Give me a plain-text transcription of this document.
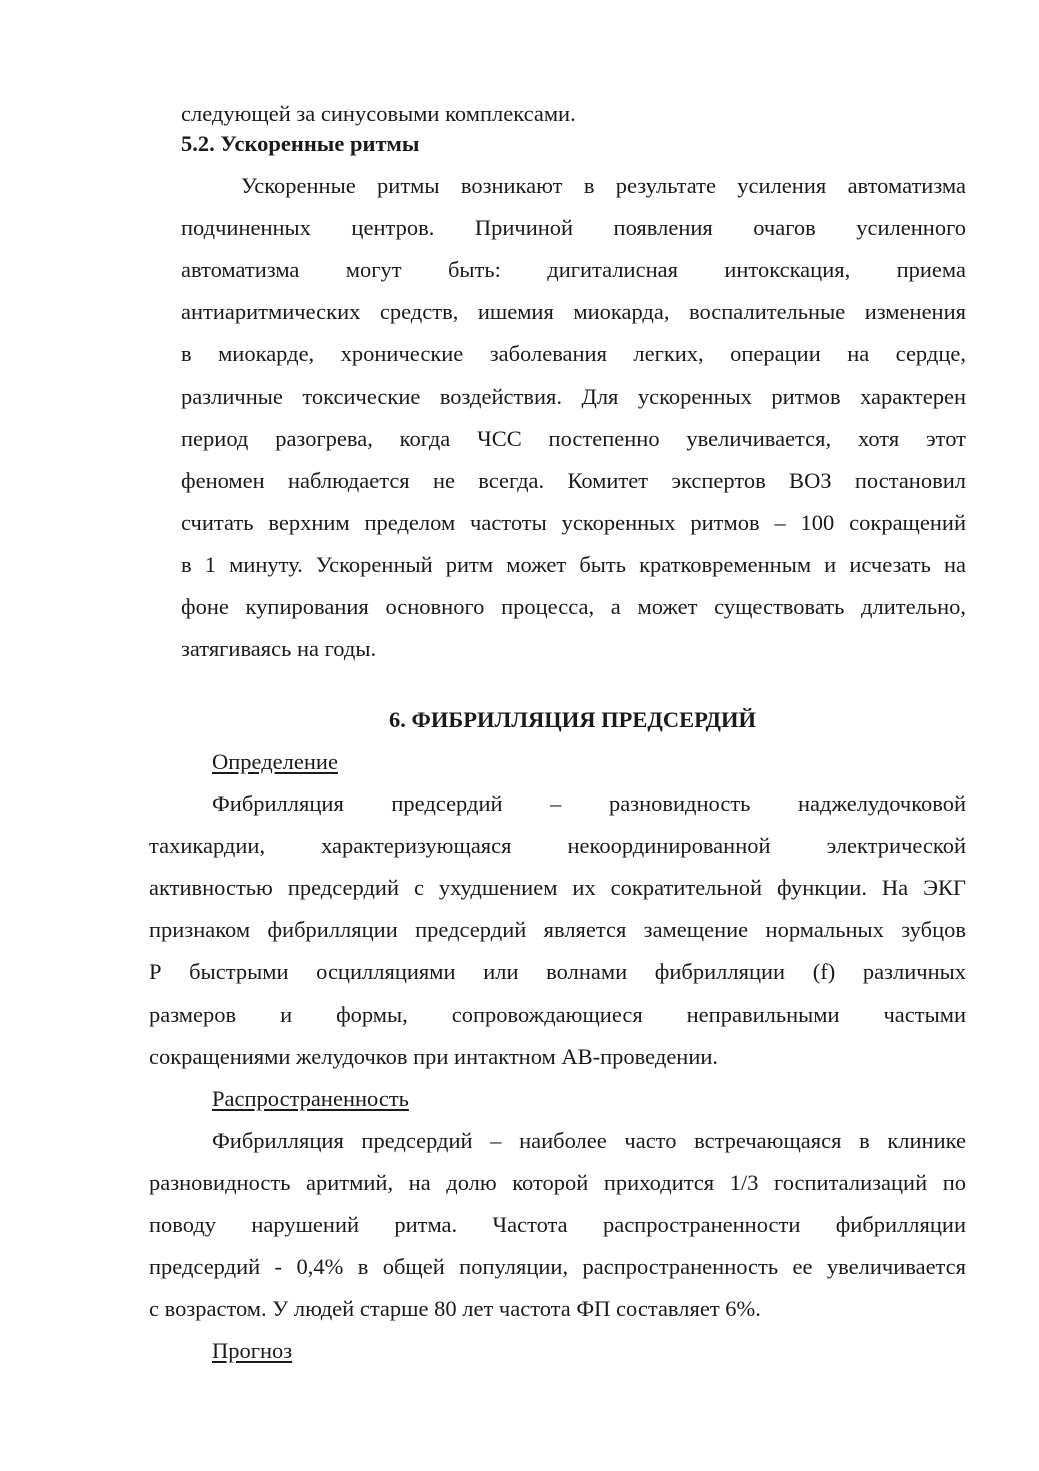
следующей за синусовыми комплексами.
5.2. Ускоренные ритмы
Ускоренные ритмы возникают в результате усиления автоматизма
подчиненных центров. Причиной появления очагов усиленного
автоматизма могут быть: дигиталисная интокскация, приема
антиаритмических средств, ишемия миокарда, воспалительные изменения
в миокарде, хронические заболевания легких, операции на сердце,
различные токсические воздействия. Для ускоренных ритмов характерен
период разогрева, когда ЧСС постепенно увеличивается, хотя этот
феномен наблюдается не всегда. Комитет экспертов ВОЗ постановил
считать верхним пределом частоты ускоренных ритмов – 100 сокращений
в 1 минуту. Ускоренный ритм может быть кратковременным и исчезать на
фоне купирования основного процесса, а может существовать длительно,
затягиваясь на годы.
6. ФИБРИЛЛЯЦИЯ ПРЕДСЕРДИЙ
Определение
Фибрилляция предсердий – разновидность наджелудочковой
тахикардии, характеризующаяся некоординированной электрической
активностью предсердий с ухудшением их сократительной функции. На ЭКГ
признаком фибрилляции предсердий является замещение нормальных зубцов
Р быстрыми осцилляциями или волнами фибрилляции (f) различных
размеров и формы, сопровождающиеся неправильными частыми
сокращениями желудочков при интактном АВ-проведении.
Распространенность
Фибрилляция предсердий – наиболее часто встречающаяся в клинике
разновидность аритмий, на долю которой приходится 1/3 госпитализаций по
поводу нарушений ритма. Частота распространенности фибрилляции
предсердий - 0,4% в общей популяции, распространенность ее увеличивается
с возрастом. У людей старше 80 лет частота ФП составляет 6%.
Прогноз
